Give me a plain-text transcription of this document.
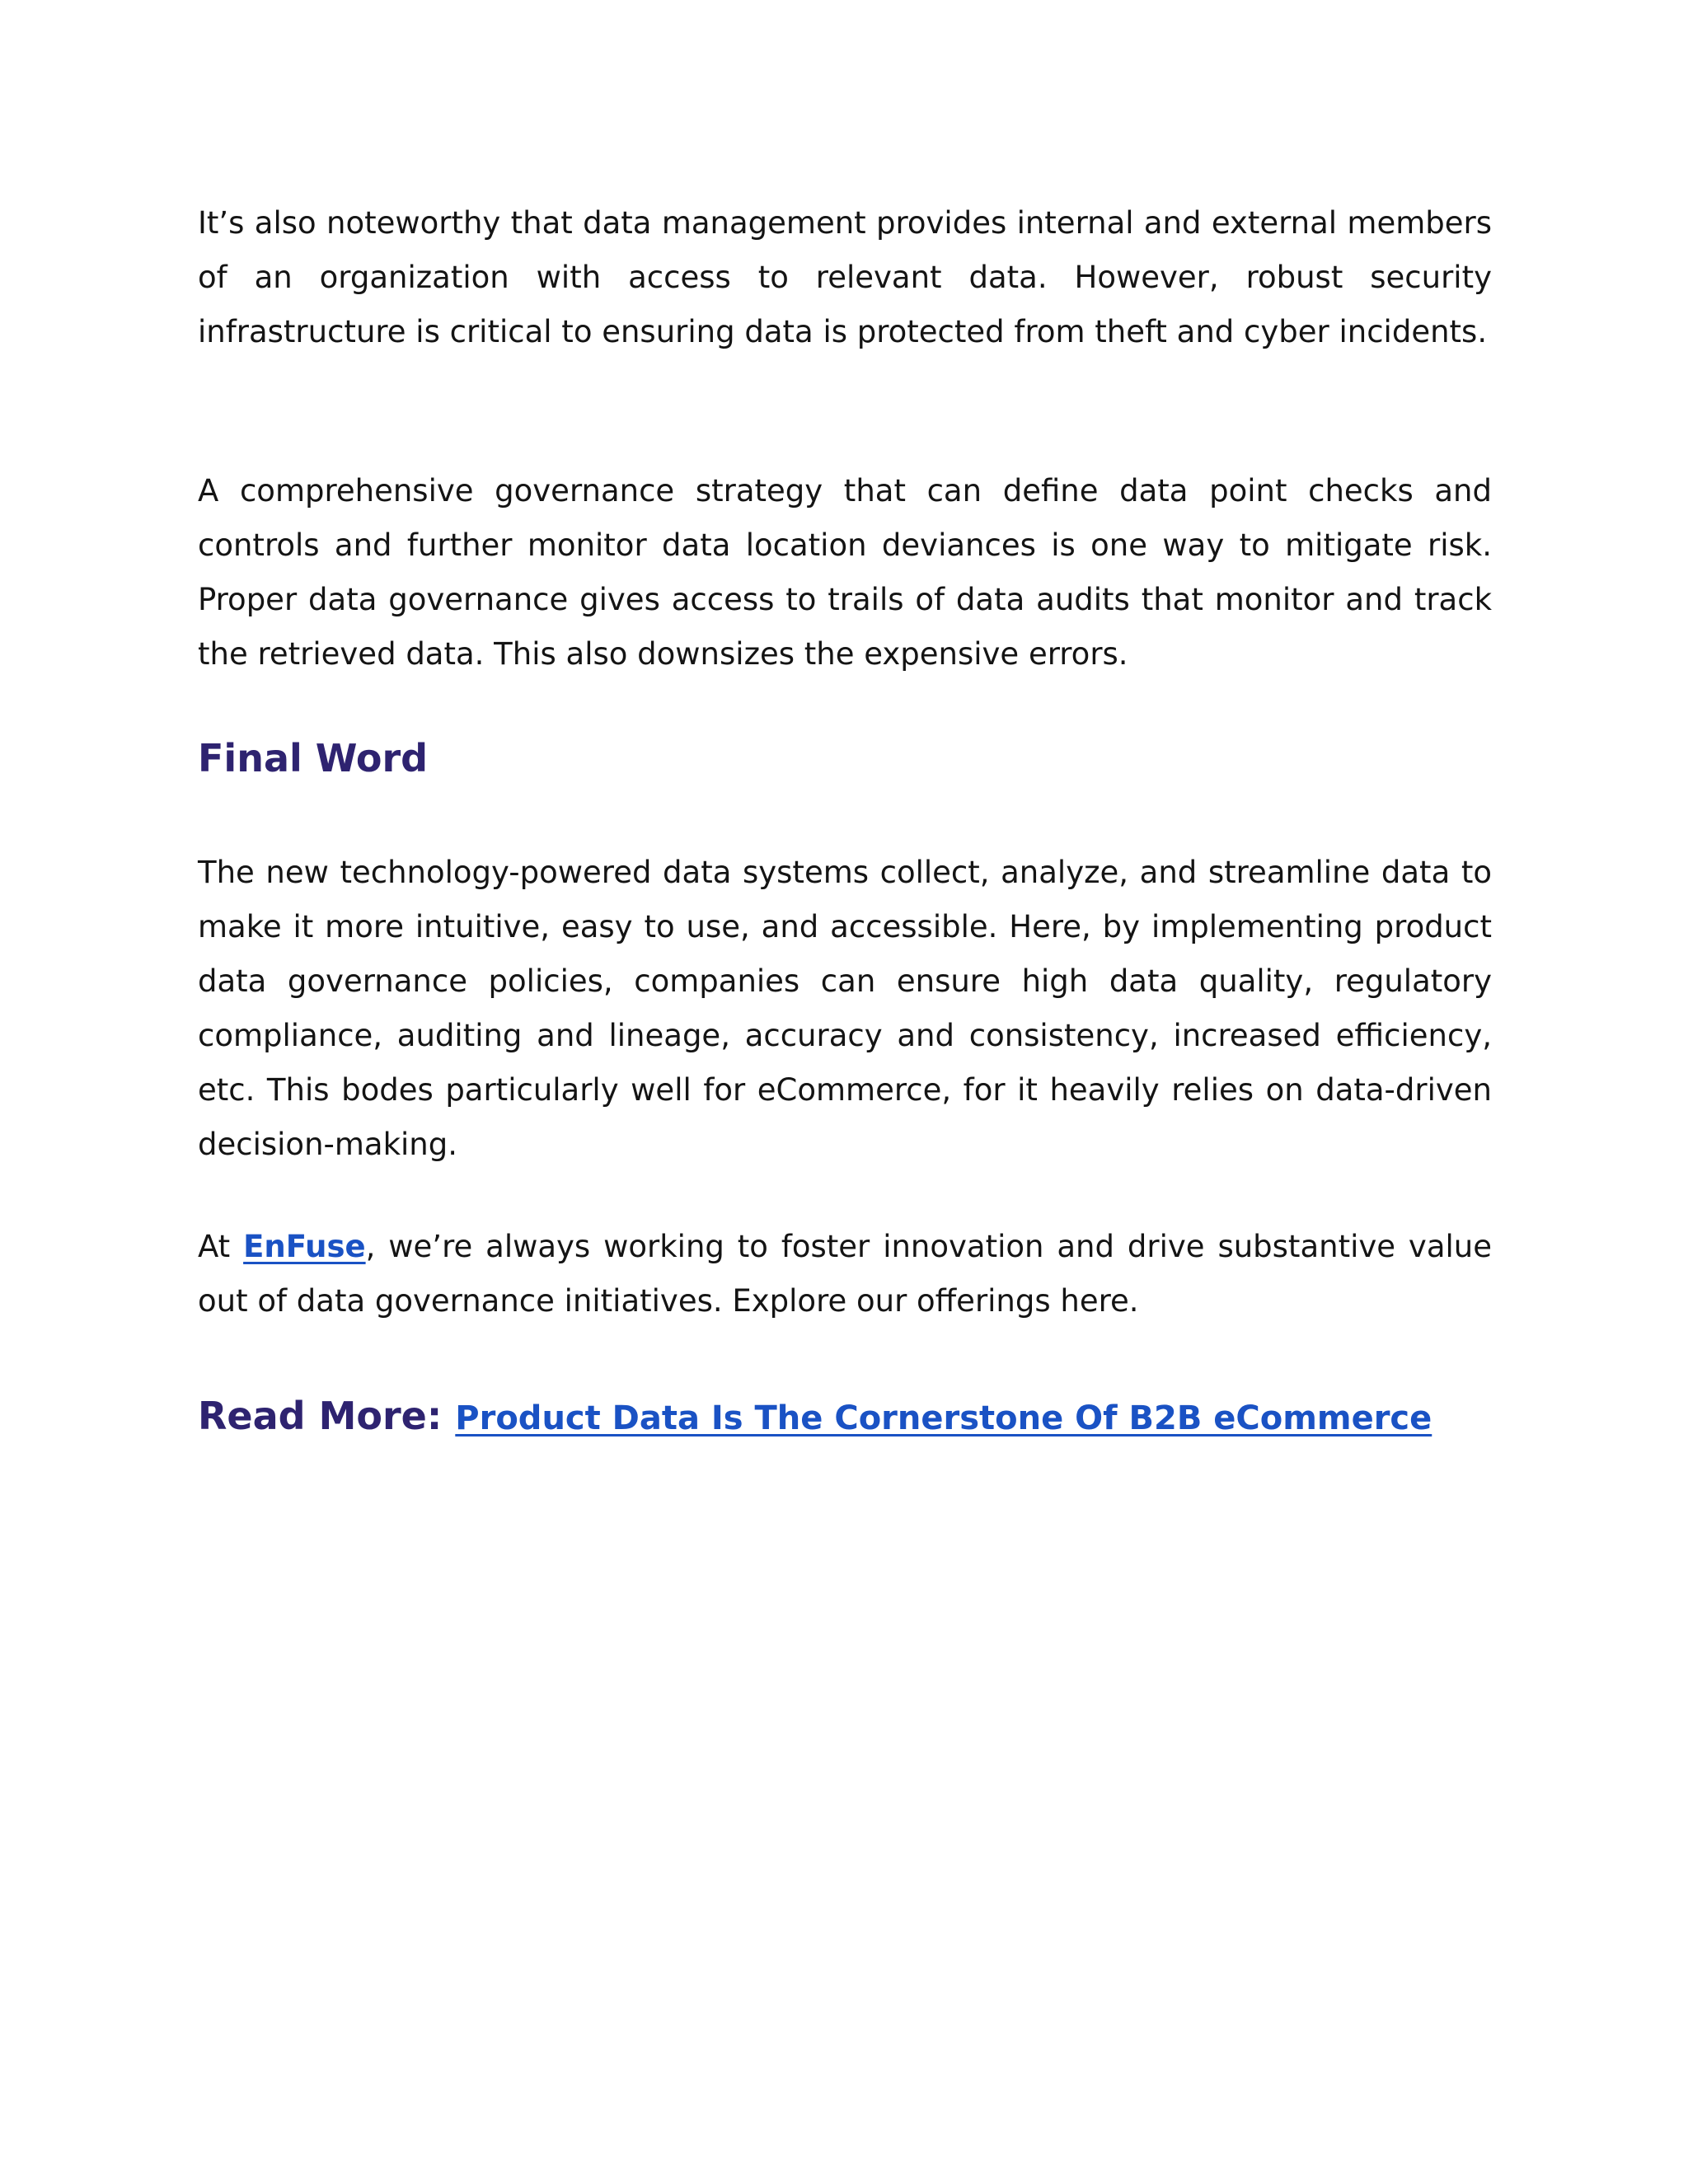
It’s also noteworthy that data management provides internal and external members of an organization with access to relevant data. However, robust security infrastructure is critical to ensuring data is protected from theft and cyber incidents.

A comprehensive governance strategy that can define data point checks and controls and further monitor data location deviances is one way to mitigate risk. Proper data governance gives access to trails of data audits that monitor and track the retrieved data. This also downsizes the expensive errors.

Final Word

The new technology-powered data systems collect, analyze, and streamline data to make it more intuitive, easy to use, and accessible. Here, by implementing product data governance policies, companies can ensure high data quality, regulatory compliance, auditing and lineage, accuracy and consistency, increased efficiency, etc. This bodes particularly well for eCommerce, for it heavily relies on data-driven decision-making.

At EnFuse, we’re always working to foster innovation and drive substantive value out of data governance initiatives. Explore our offerings here.

Read More: Product Data Is The Cornerstone Of B2B eCommerce
